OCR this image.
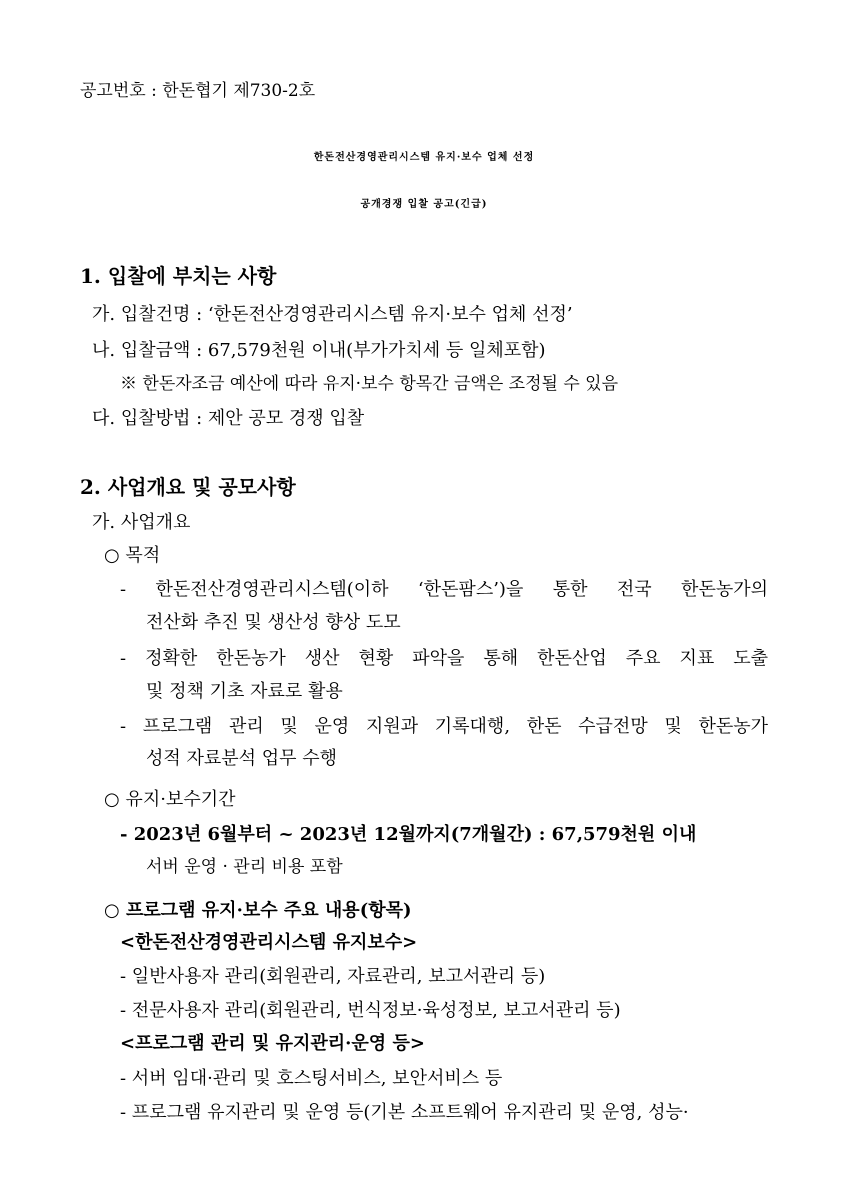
공고번호 : 한돈협기 제730-2호
한돈전산경영관리시스템 유지·보수 업체 선정
공개경쟁 입찰 공고(긴급)
1. 입찰에 부치는 사항
가. 입찰건명 : ‘한돈전산경영관리시스템 유지·보수 업체 선정’
나. 입찰금액 : 67,579천원 이내(부가가치세 등 일체포함)
※ 한돈자조금 예산에 따라 유지·보수 항목간 금액은 조정될 수 있음
다. 입찰방법 : 제안 공모 경쟁 입찰
2. 사업개요 및 공모사항
가. 사업개요
○ 목적
- 한돈전산경영관리시스템(이하 ‘한돈팜스’)을 통한 전국 한돈농가의
전산화 추진 및 생산성 향상 도모
- 정확한 한돈농가 생산 현황 파악을 통해 한돈산업 주요 지표 도출
및 정책 기초 자료로 활용
- 프로그램 관리 및 운영 지원과 기록대행, 한돈 수급전망 및 한돈농가
성적 자료분석 업무 수행
○ 유지·보수기간
- 2023년 6월부터 ~ 2023년 12월까지(7개월간) : 67,579천원 이내
서버 운영 · 관리 비용 포함
○ 프로그램 유지·보수 주요 내용(항목)
<한돈전산경영관리시스템 유지보수>
- 일반사용자 관리(회원관리, 자료관리, 보고서관리 등)
- 전문사용자 관리(회원관리, 번식정보·육성정보, 보고서관리 등)
<프로그램 관리 및 유지관리·운영 등>
- 서버 임대·관리 및 호스팅서비스, 보안서비스 등
- 프로그램 유지관리 및 운영 등(기본 소프트웨어 유지관리 및 운영, 성능·
